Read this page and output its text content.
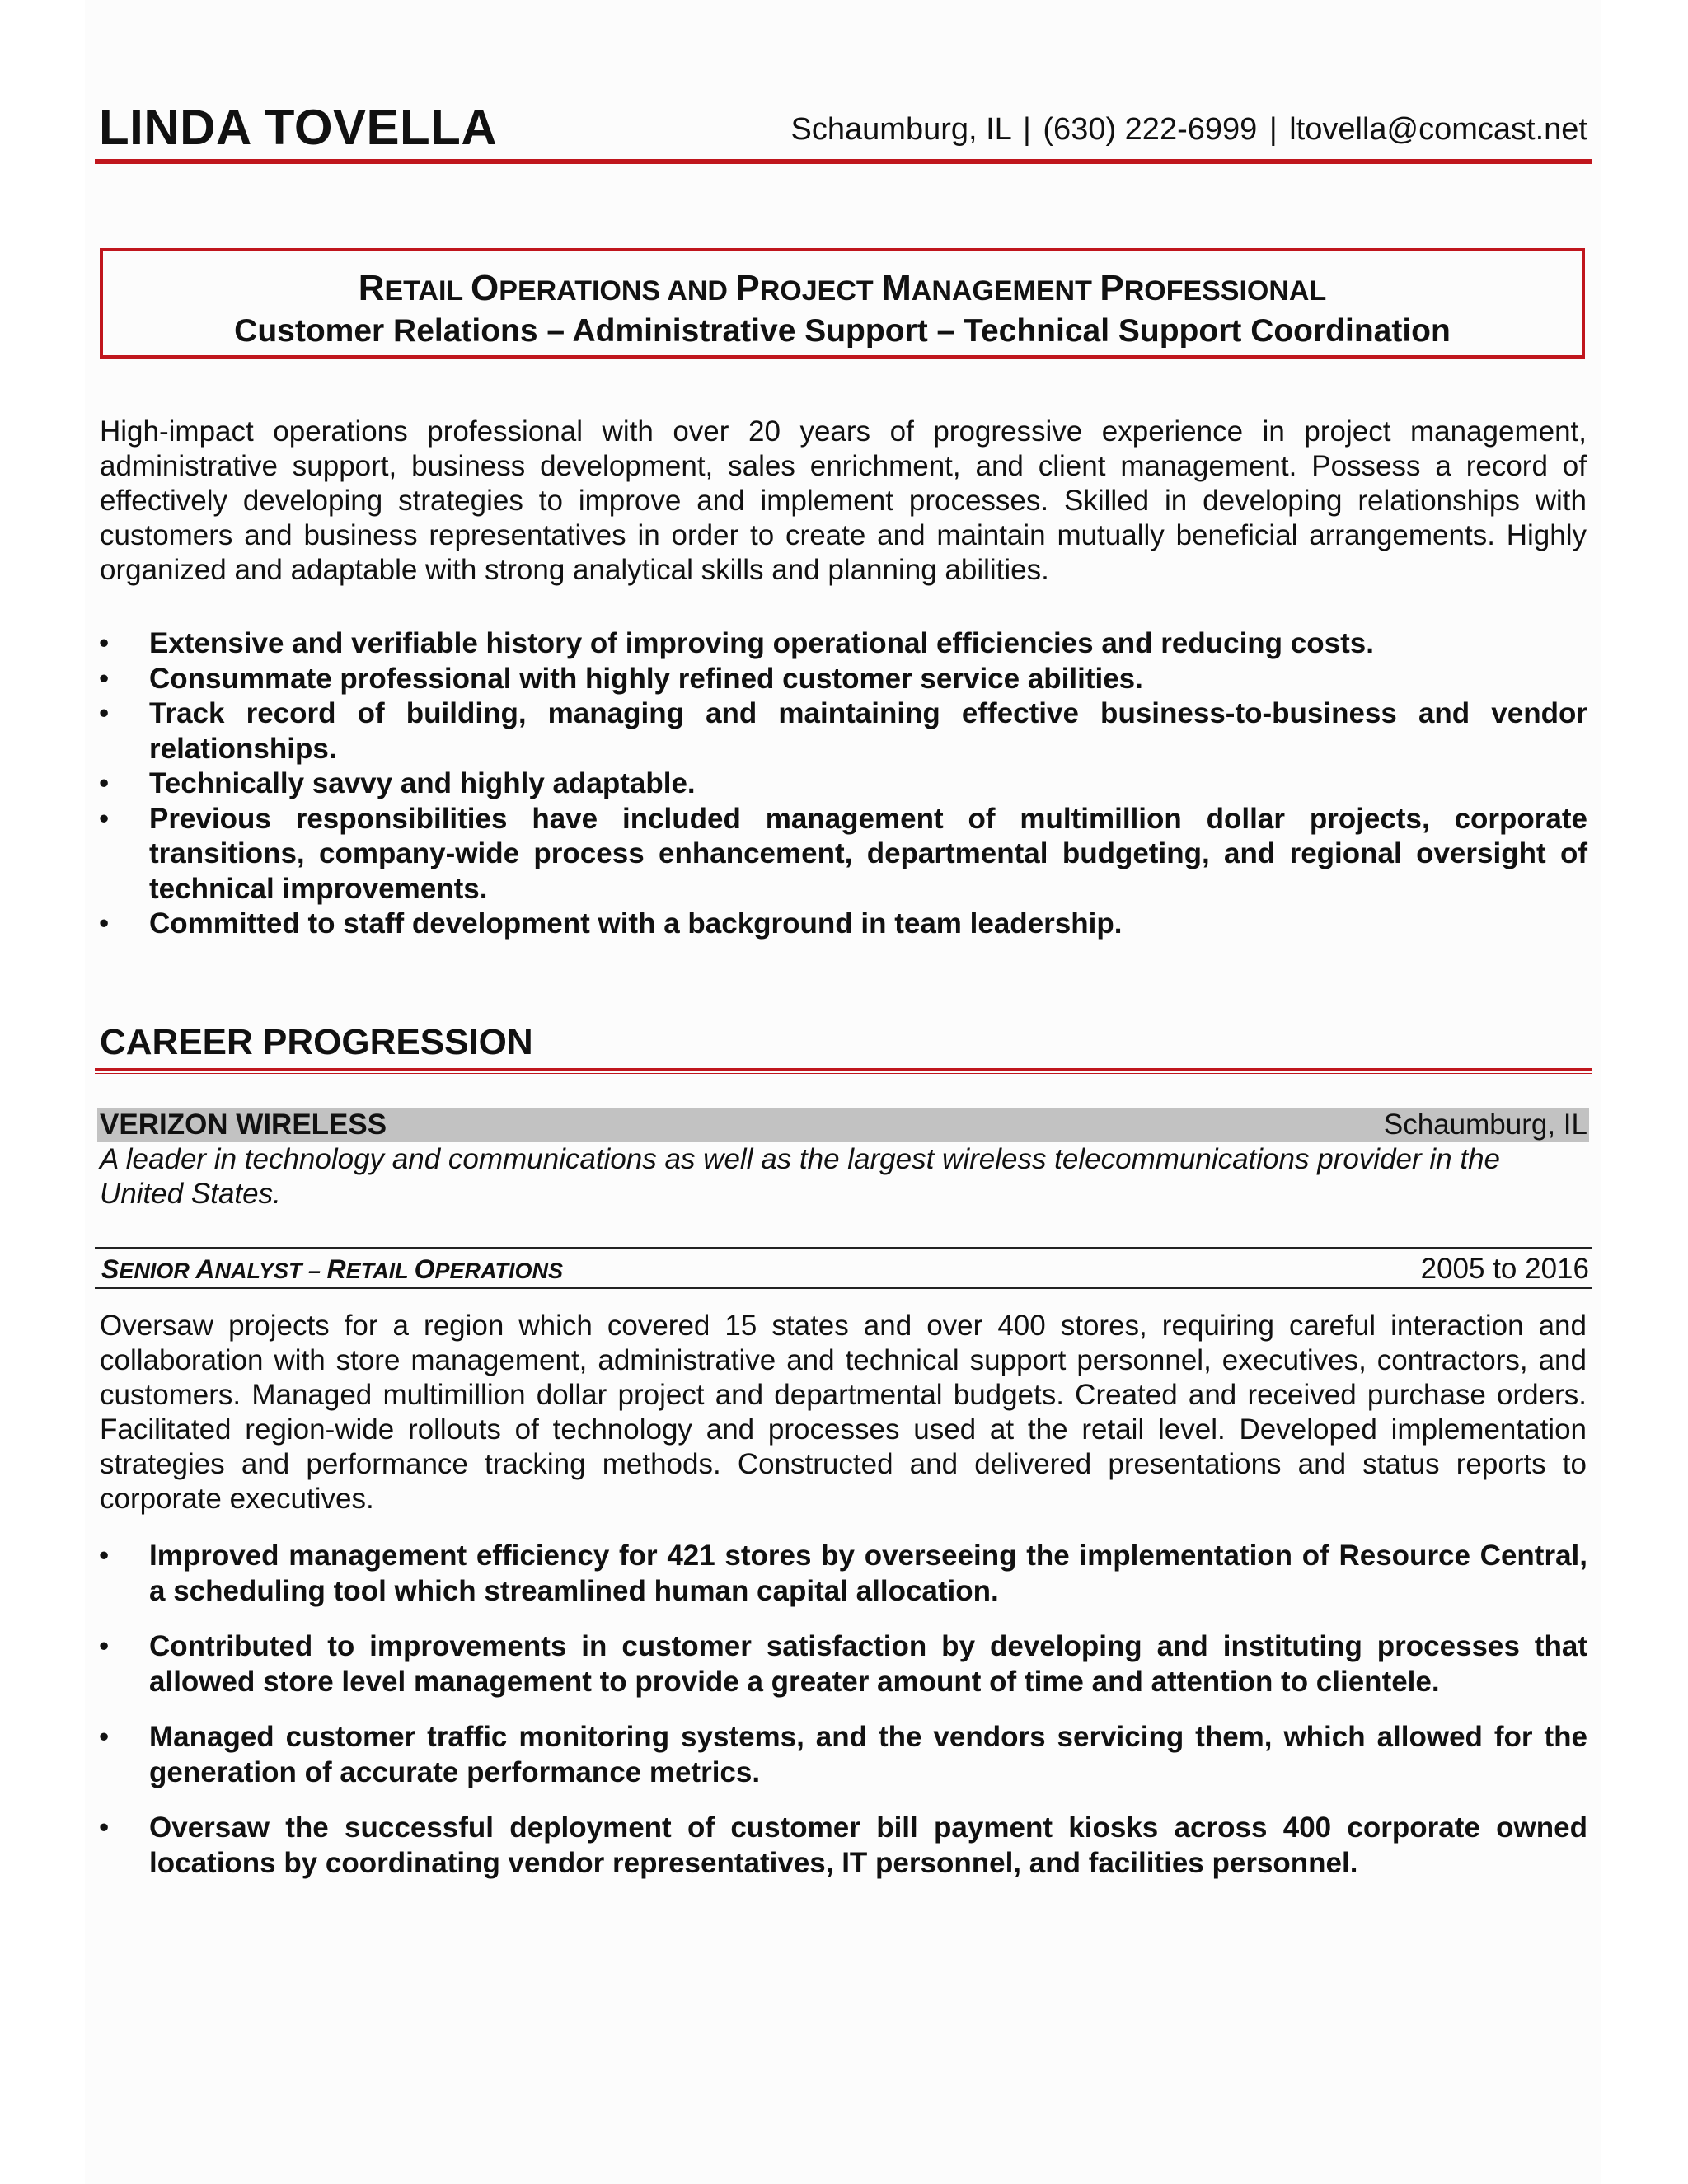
LINDA TOVELLA	Schaumburg, IL | (630) 222-6999 | ltovella@comcast.net
RETAIL OPERATIONS AND PROJECT MANAGEMENT PROFESSIONAL
Customer Relations – Administrative Support – Technical Support Coordination
High-impact operations professional with over 20 years of progressive experience in project management, administrative support, business development, sales enrichment, and client management. Possess a record of effectively developing strategies to improve and implement processes. Skilled in developing relationships with customers and business representatives in order to create and maintain mutually beneficial arrangements. Highly organized and adaptable with strong analytical skills and planning abilities.
• Extensive and verifiable history of improving operational efficiencies and reducing costs.
• Consummate professional with highly refined customer service abilities.
• Track record of building, managing and maintaining effective business-to-business and vendor relationships.
• Technically savvy and highly adaptable.
• Previous responsibilities have included management of multimillion dollar projects, corporate transitions, company-wide process enhancement, departmental budgeting, and regional oversight of technical improvements.
• Committed to staff development with a background in team leadership.
CAREER PROGRESSION
VERIZON WIRELESS	Schaumburg, IL
A leader in technology and communications as well as the largest wireless telecommunications provider in the United States.
SENIOR ANALYST – RETAIL OPERATIONS	2005 to 2016
Oversaw projects for a region which covered 15 states and over 400 stores, requiring careful interaction and collaboration with store management, administrative and technical support personnel, executives, contractors, and customers. Managed multimillion dollar project and departmental budgets. Created and received purchase orders. Facilitated region-wide rollouts of technology and processes used at the retail level. Developed implementation strategies and performance tracking methods. Constructed and delivered presentations and status reports to corporate executives.
• Improved management efficiency for 421 stores by overseeing the implementation of Resource Central, a scheduling tool which streamlined human capital allocation.
• Contributed to improvements in customer satisfaction by developing and instituting processes that allowed store level management to provide a greater amount of time and attention to clientele.
• Managed customer traffic monitoring systems, and the vendors servicing them, which allowed for the generation of accurate performance metrics.
• Oversaw the successful deployment of customer bill payment kiosks across 400 corporate owned locations by coordinating vendor representatives, IT personnel, and facilities personnel.
